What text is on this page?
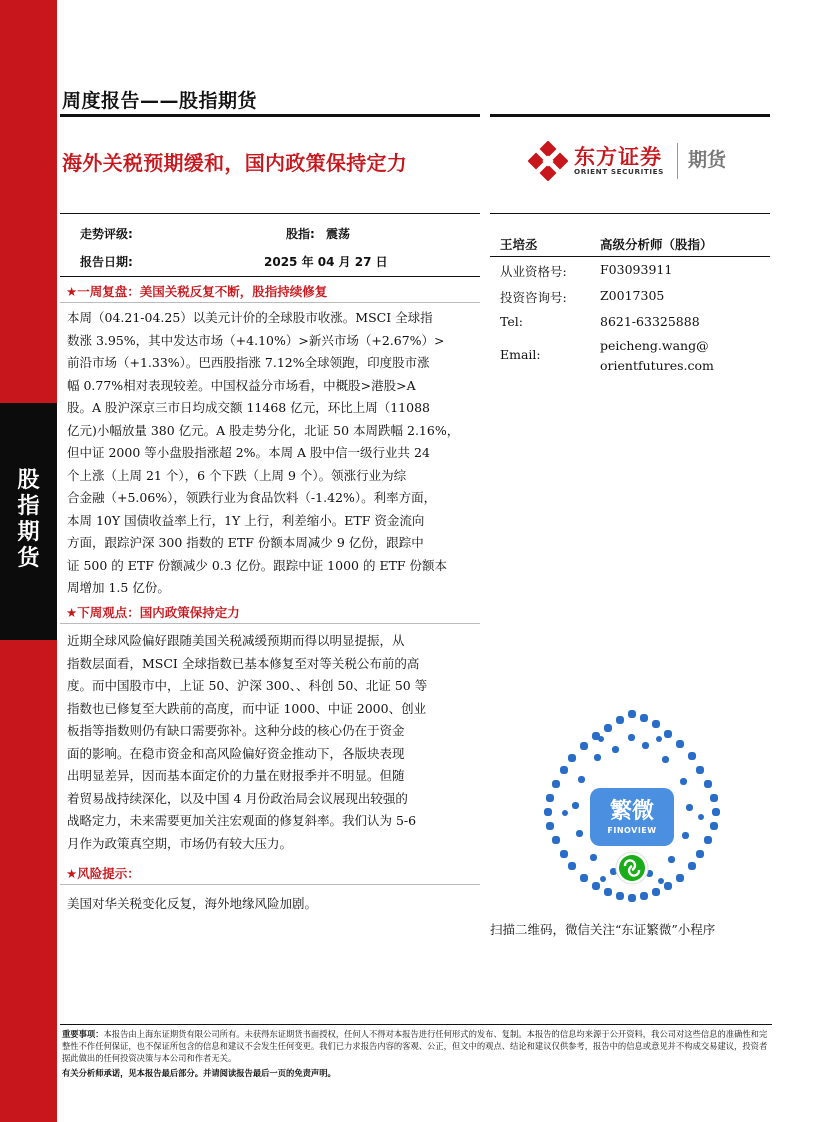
股
指
期
货
周度报告——股指期货
海外关税预期缓和，国内政策保持定力	东方证券
ORIENT SECURITIES
期货
走势评级:	股指: 震荡
报告日期:	2025 年 04 月 27 日
王培丞	高级分析师（股指）
从业资格号:	F03093911
投资咨询号:	Z0017305
Tel:	8621-63325888
Email:
peicheng.wang@
orientfutures.com
★一周复盘：美国关税反复不断，股指持续修复
本周（04.21-04.25）以美元计价的全球股市收涨。MSCI 全球指
数涨 3.95%，其中发达市场（+4.10%）>新兴市场（+2.67%）>
前沿市场（+1.33%）。巴西股指涨 7.12%全球领跑，印度股市涨
幅 0.77%相对表现较差。中国权益分市场看，中概股>港股>A
股。A 股沪深京三市日均成交额 11468 亿元，环比上周（11088
亿元)小幅放量 380 亿元。A 股走势分化，北证 50 本周跌幅 2.16%，
但中证 2000 等小盘股指涨超 2%。本周 A 股中信一级行业共 24
个上涨（上周 21 个），6 个下跌（上周 9 个）。领涨行业为综
合金融（+5.06%），领跌行业为食品饮料（-1.42%）。利率方面，
本周 10Y 国债收益率上行，1Y 上行，利差缩小。ETF 资金流向
方面，跟踪沪深 300 指数的 ETF 份额本周减少 9 亿份，跟踪中
证 500 的 ETF 份额减少 0.3 亿份。跟踪中证 1000 的 ETF 份额本
周增加 1.5 亿份。
★下周观点：国内政策保持定力
近期全球风险偏好跟随美国关税减缓预期而得以明显提振，从
指数层面看，MSCI 全球指数已基本修复至对等关税公布前的高
度。而中国股市中，上证 50、沪深 300、、科创 50、北证 50 等
指数也已修复至大跌前的高度，而中证 1000、中证 2000、创业
板指等指数则仍有缺口需要弥补。这种分歧的核心仍在于资金
面的影响。在稳市资金和高风险偏好资金推动下，各版块表现
出明显差异，因而基本面定价的力量在财报季并不明显。但随
着贸易战持续深化，以及中国 4 月份政治局会议展现出较强的
战略定力，未来需要更加关注宏观面的修复斜率。我们认为 5-6
月作为政策真空期，市场仍有较大压力。
★风险提示：
美国对华关税变化反复，海外地缘风险加剧。
繁微
FINOVIEW
扫描二维码，微信关注“东证繁微”小程序
重要事项：本报告由上海东证期货有限公司所有。未获得东证期货书面授权，任何人不得对本报告进行任何形式的发布、复制。本报告的信息均来源于公开资料，我公司对这些信息的准确性和完整性不作任何保证，也不保证所包含的信息和建议不会发生任何变更。我们已力求报告内容的客观、公正，但文中的观点、结论和建议仅供参考，报告中的信息或意见并不构成交易建议，投资者据此做出的任何投资决策与本公司和作者无关。
有关分析师承诺，见本报告最后部分。并请阅读报告最后一页的免责声明。
